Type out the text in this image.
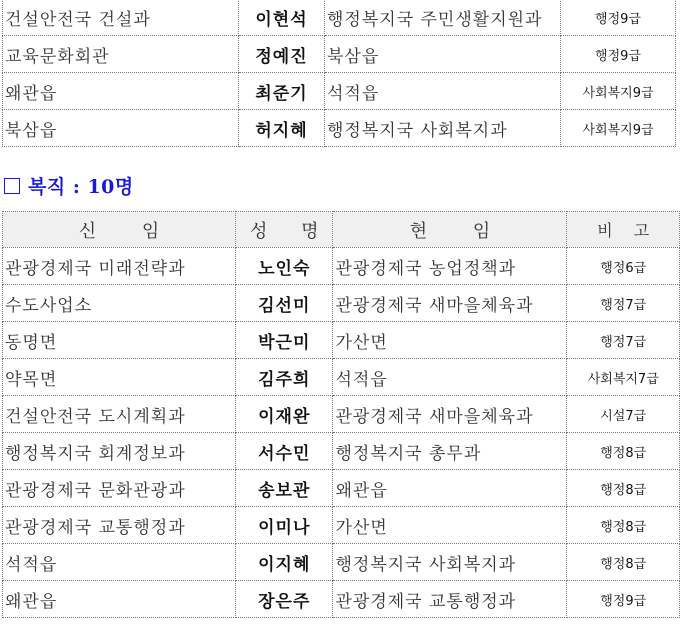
건설안전국 건설과	이현석	행정복지국 주민생활지원과	행정9급
교육문화회관	정예진	북삼읍	행정9급
왜관읍	최준기	석적읍	사회복지9급
북삼읍	허지혜	행정복지국 사회복지과	사회복지9급
복직 : 10명
신 임	성 명	현 임	비 고
관광경제국 미래전략과	노인숙	관광경제국 농업정책과	행정6급
수도사업소	김선미	관광경제국 새마을체육과	행정7급
동명면	박근미	가산면	행정7급
약목면	김주희	석적읍	사회복지7급
건설안전국 도시계획과	이재완	관광경제국 새마을체육과	시설7급
행정복지국 회계정보과	서수민	행정복지국 총무과	행정8급
관광경제국 문화관광과	송보관	왜관읍	행정8급
관광경제국 교통행정과	이미나	가산면	행정8급
석적읍	이지혜	행정복지국 사회복지과	행정8급
왜관읍	장은주	관광경제국 교통행정과	행정9급
